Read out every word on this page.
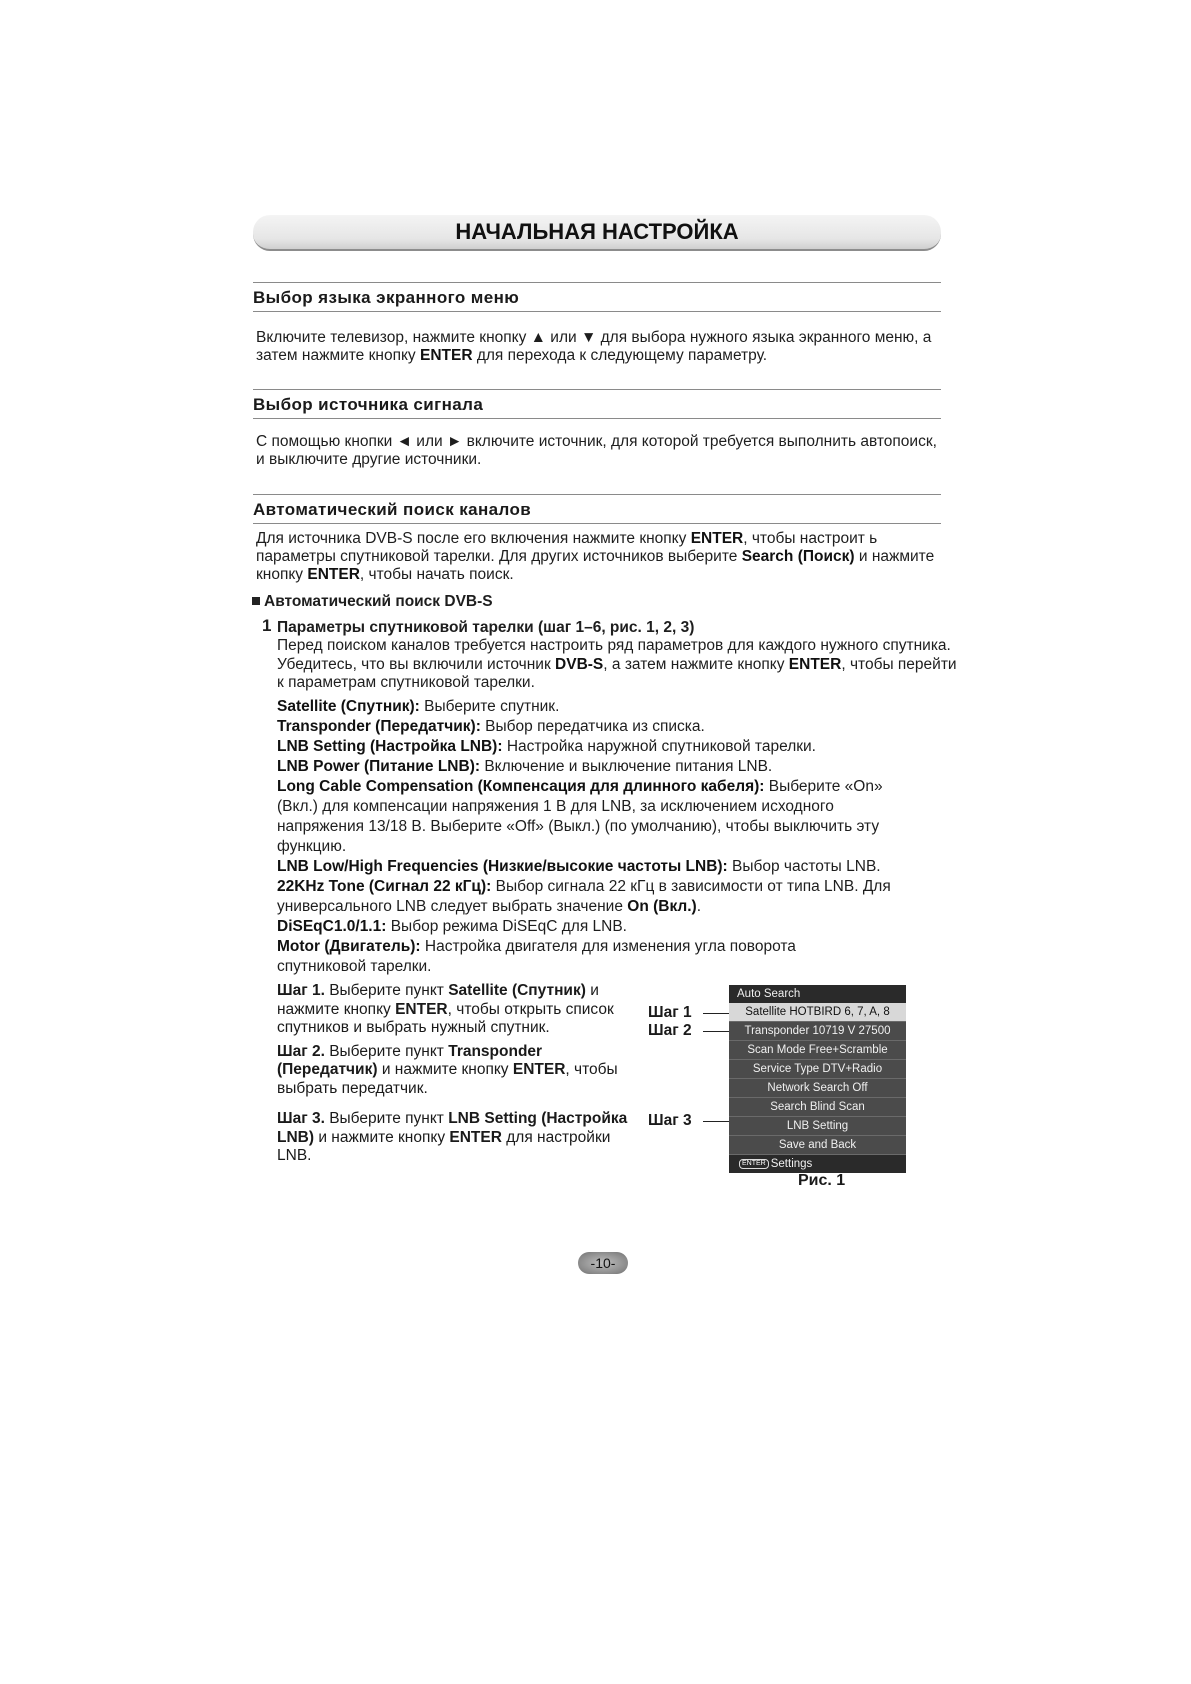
НАЧАЛЬНАЯ НАСТРОЙКА
Выбор языка экранного меню
Включите телевизор, нажмите кнопку ▲ или ▼ для выбора нужного языка экранного меню, а затем нажмите кнопку ENTER для перехода к следующему параметру.
Выбор источника сигнала
С помощью кнопки ◄ или ► включите источник, для которой требуется выполнить автопоиск, и выключите другие источники.
Автоматический поиск каналов
Для источника DVB-S после его включения нажмите кнопку ENTER, чтобы настроит ь параметры спутниковой тарелки. Для других источников выберите Search (Поиск) и нажмите кнопку ENTER, чтобы начать поиск.
Автоматический поиск DVB-S
1 Параметры спутниковой тарелки (шаг 1–6, рис. 1, 2, 3)
Перед поиском каналов требуется настроить ряд параметров для каждого нужного спутника. Убедитесь, что вы включили источник DVB-S, а затем нажмите кнопку ENTER, чтобы перейти к параметрам спутниковой тарелки.

Satellite (Спутник): Выберите спутник.

Transponder (Передатчик): Выбор передатчика из списка.

LNB Setting (Настройка LNB): Настройка наружной спутниковой тарелки.

LNB Power (Питание LNB): Включение и выключение питания LNB.

Long Cable Compensation (Компенсация для длинного кабеля): Выберите «On» (Вкл.) для компенсации напряжения 1 В для LNB, за исключением исходного напряжения 13/18 В. Выберите «Off» (Выкл.) (по умолчанию), чтобы выключить эту функцию.

LNB Low/High Frequencies (Низкие/высокие частоты LNB): Выбор частоты LNB.

22KHz Tone (Сигнал 22 кГц): Выбор сигнала 22 кГц в зависимости от типа LNB. Для универсального LNB следует выбрать значение On (Вкл.).

DiSEqC1.0/1.1: Выбор режима DiSEqC для LNB.

Motor (Двигатель): Настройка двигателя для изменения угла поворота спутниковой тарелки.

Шаг 1. Выберите пункт Satellite (Спутник) и нажмите кнопку ENTER, чтобы открыть список спутников и выбрать нужный спутник.

Шаг 2. Выберите пункт Transponder (Передатчик) и нажмите кнопку ENTER, чтобы выбрать передатчик.

Шаг 3. Выберите пункт LNB Setting (Настройка LNB) и нажмите кнопку ENTER для настройки LNB.

Шаг 1
Шаг 2
Шаг 3
Auto Search
Satellite HOTBIRD 6, 7, A, 8
Transponder 10719 V 27500
Scan Mode Free+Scramble
Service Type DTV+Radio
Network Search Off
Search Blind Scan
LNB Setting
Save and Back
ENTER Settings
Рис. 1
-10-
